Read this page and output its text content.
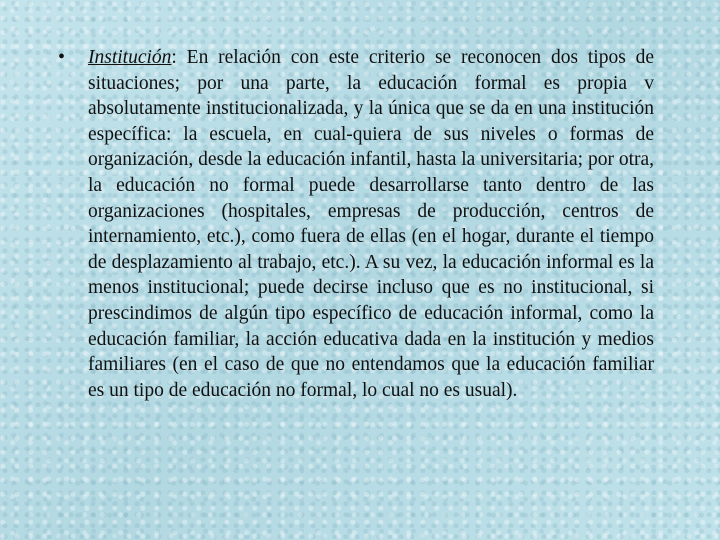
• Institución: En relación con este criterio se reconocen dos tipos de situaciones; por una parte, la educación formal es propia v absolutamente institucionalizada, y la única que se da en una institución específica: la escuela, en cual-quiera de sus niveles o formas de organización, desde la educación infantil, hasta la universitaria; por otra, la educación no formal puede desarrollarse tanto dentro de las organizaciones (hospitales, empresas de producción, centros de internamiento, etc.), como fuera de ellas (en el hogar, durante el tiempo de desplazamiento al trabajo, etc.). A su vez, la educación informal es la menos institucional; puede decirse incluso que es no institucional, si prescindimos de algún tipo específico de educación informal, como la educación familiar, la acción educativa dada en la institución y medios familiares (en el caso de que no entendamos que la educación familiar es un tipo de educación no formal, lo cual no es usual).
